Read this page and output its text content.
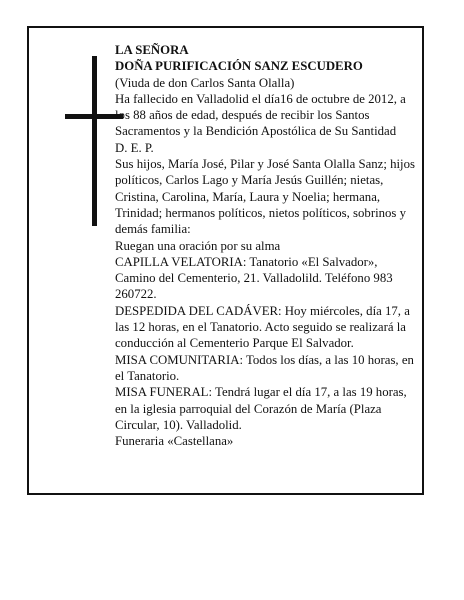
LA SEÑORA

DOÑA PURIFICACIÓN SANZ ESCUDERO

(Viuda de don Carlos Santa Olalla)

Ha fallecido en Valladolid el día16 de octubre de 2012, a los 88 años de edad, después de recibir los Santos Sacramentos y la Bendición Apostólica de Su Santidad

D. E. P.

Sus hijos, María José, Pilar y José Santa Olalla Sanz; hijos políticos, Carlos Lago y María Jesús Guillén; nietas, Cristina, Carolina, María, Laura y Noelia; hermana, Trinidad; hermanos políticos, nietos políticos, sobrinos y demás familia:

Ruegan una oración por su alma

CAPILLA VELATORIA: Tanatorio «El Salvador», Camino del Cementerio, 21. Valladolild. Teléfono 983 260722.

DESPEDIDA DEL CADÁVER: Hoy miércoles, día 17, a las 12 horas, en el Tanatorio. Acto seguido se realizará la conducción al Cementerio Parque El Salvador.

MISA COMUNITARIA: Todos los días, a las 10 horas, en el Tanatorio.

MISA FUNERAL: Tendrá lugar el día 17, a las 19 horas, en la iglesia parroquial del Corazón de María (Plaza Circular, 10). Valladolid.

Funeraria «Castellana»
